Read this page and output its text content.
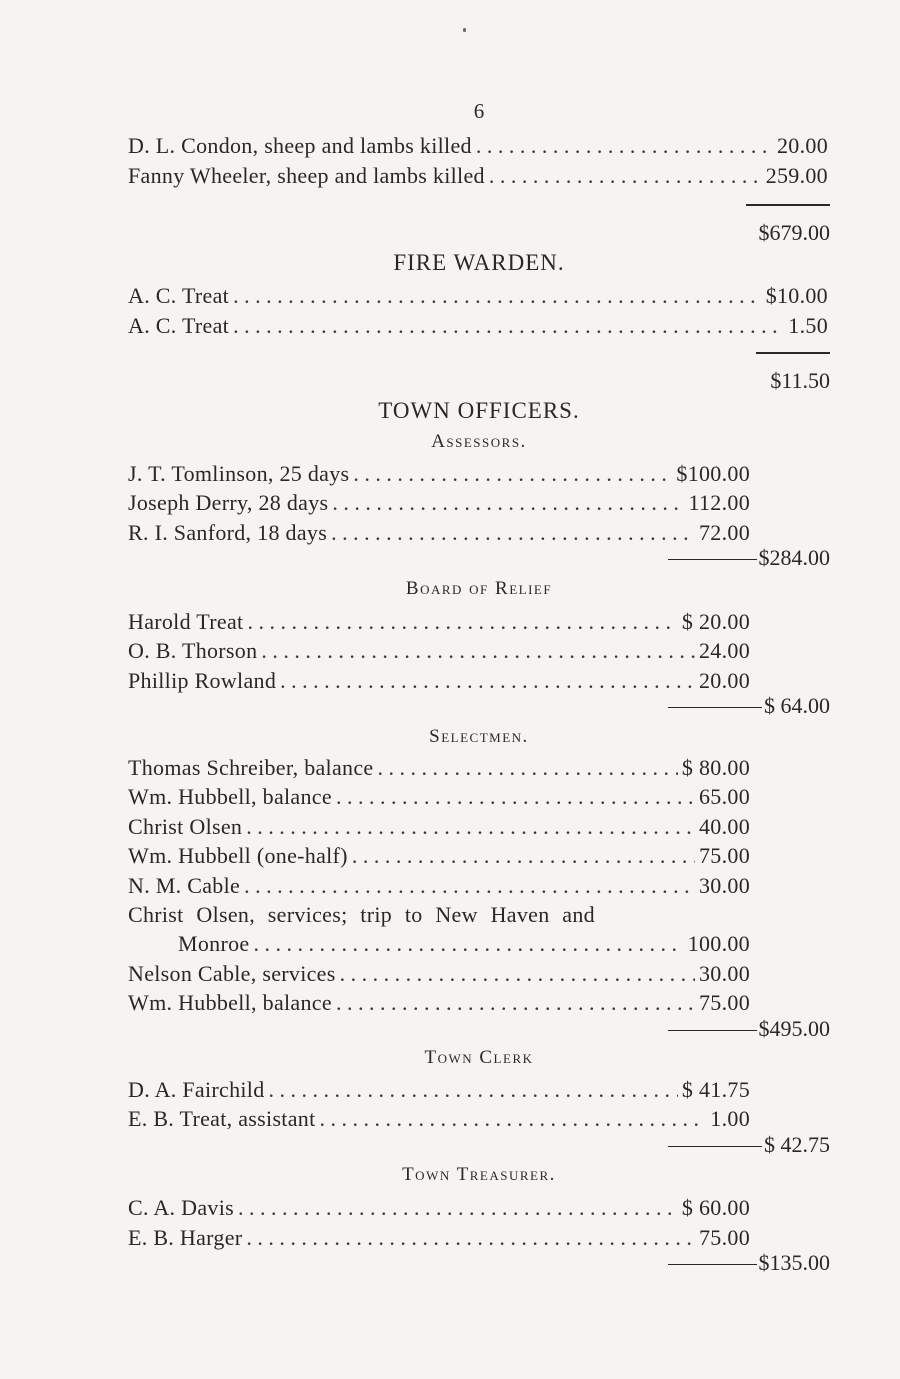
6
D. L. Condon, sheep and lambs killed . . .	20.00
Fanny Wheeler, sheep and lambs killed . . .	259.00
$679.00
FIRE WARDEN.
A. C. Treat . . .	$10.00
A. C. Treat . . .	1.50
$11.50
TOWN OFFICERS.
Assessors.
J. T. Tomlinson, 25 days . . .	$100.00
Joseph Derry, 28 days . . .	112.00
R. I. Sanford, 18 days . . .	72.00
$284.00
Board of Relief
Harold Treat . . .	$ 20.00
O. B. Thorson . . .	24.00
Phillip Rowland . . .	20.00
$ 64.00
Selectmen.
Thomas Schreiber, balance . . .	$ 80.00
Wm. Hubbell, balance . . .	65.00
Christ Olsen . . .	40.00
Wm. Hubbell (one-half) . . .	75.00
N. M. Cable . . .	30.00
Christ Olsen, services; trip to New Haven and
Monroe . . .	100.00
Nelson Cable, services . . .	30.00
Wm. Hubbell, balance . . .	75.00
$495.00
Town Clerk
D. A. Fairchild . . .	$ 41.75
E. B. Treat, assistant . . .	1.00
$ 42.75
Town Treasurer.
C. A. Davis . . .	$ 60.00
E. B. Harger . . .	75.00
$135.00
